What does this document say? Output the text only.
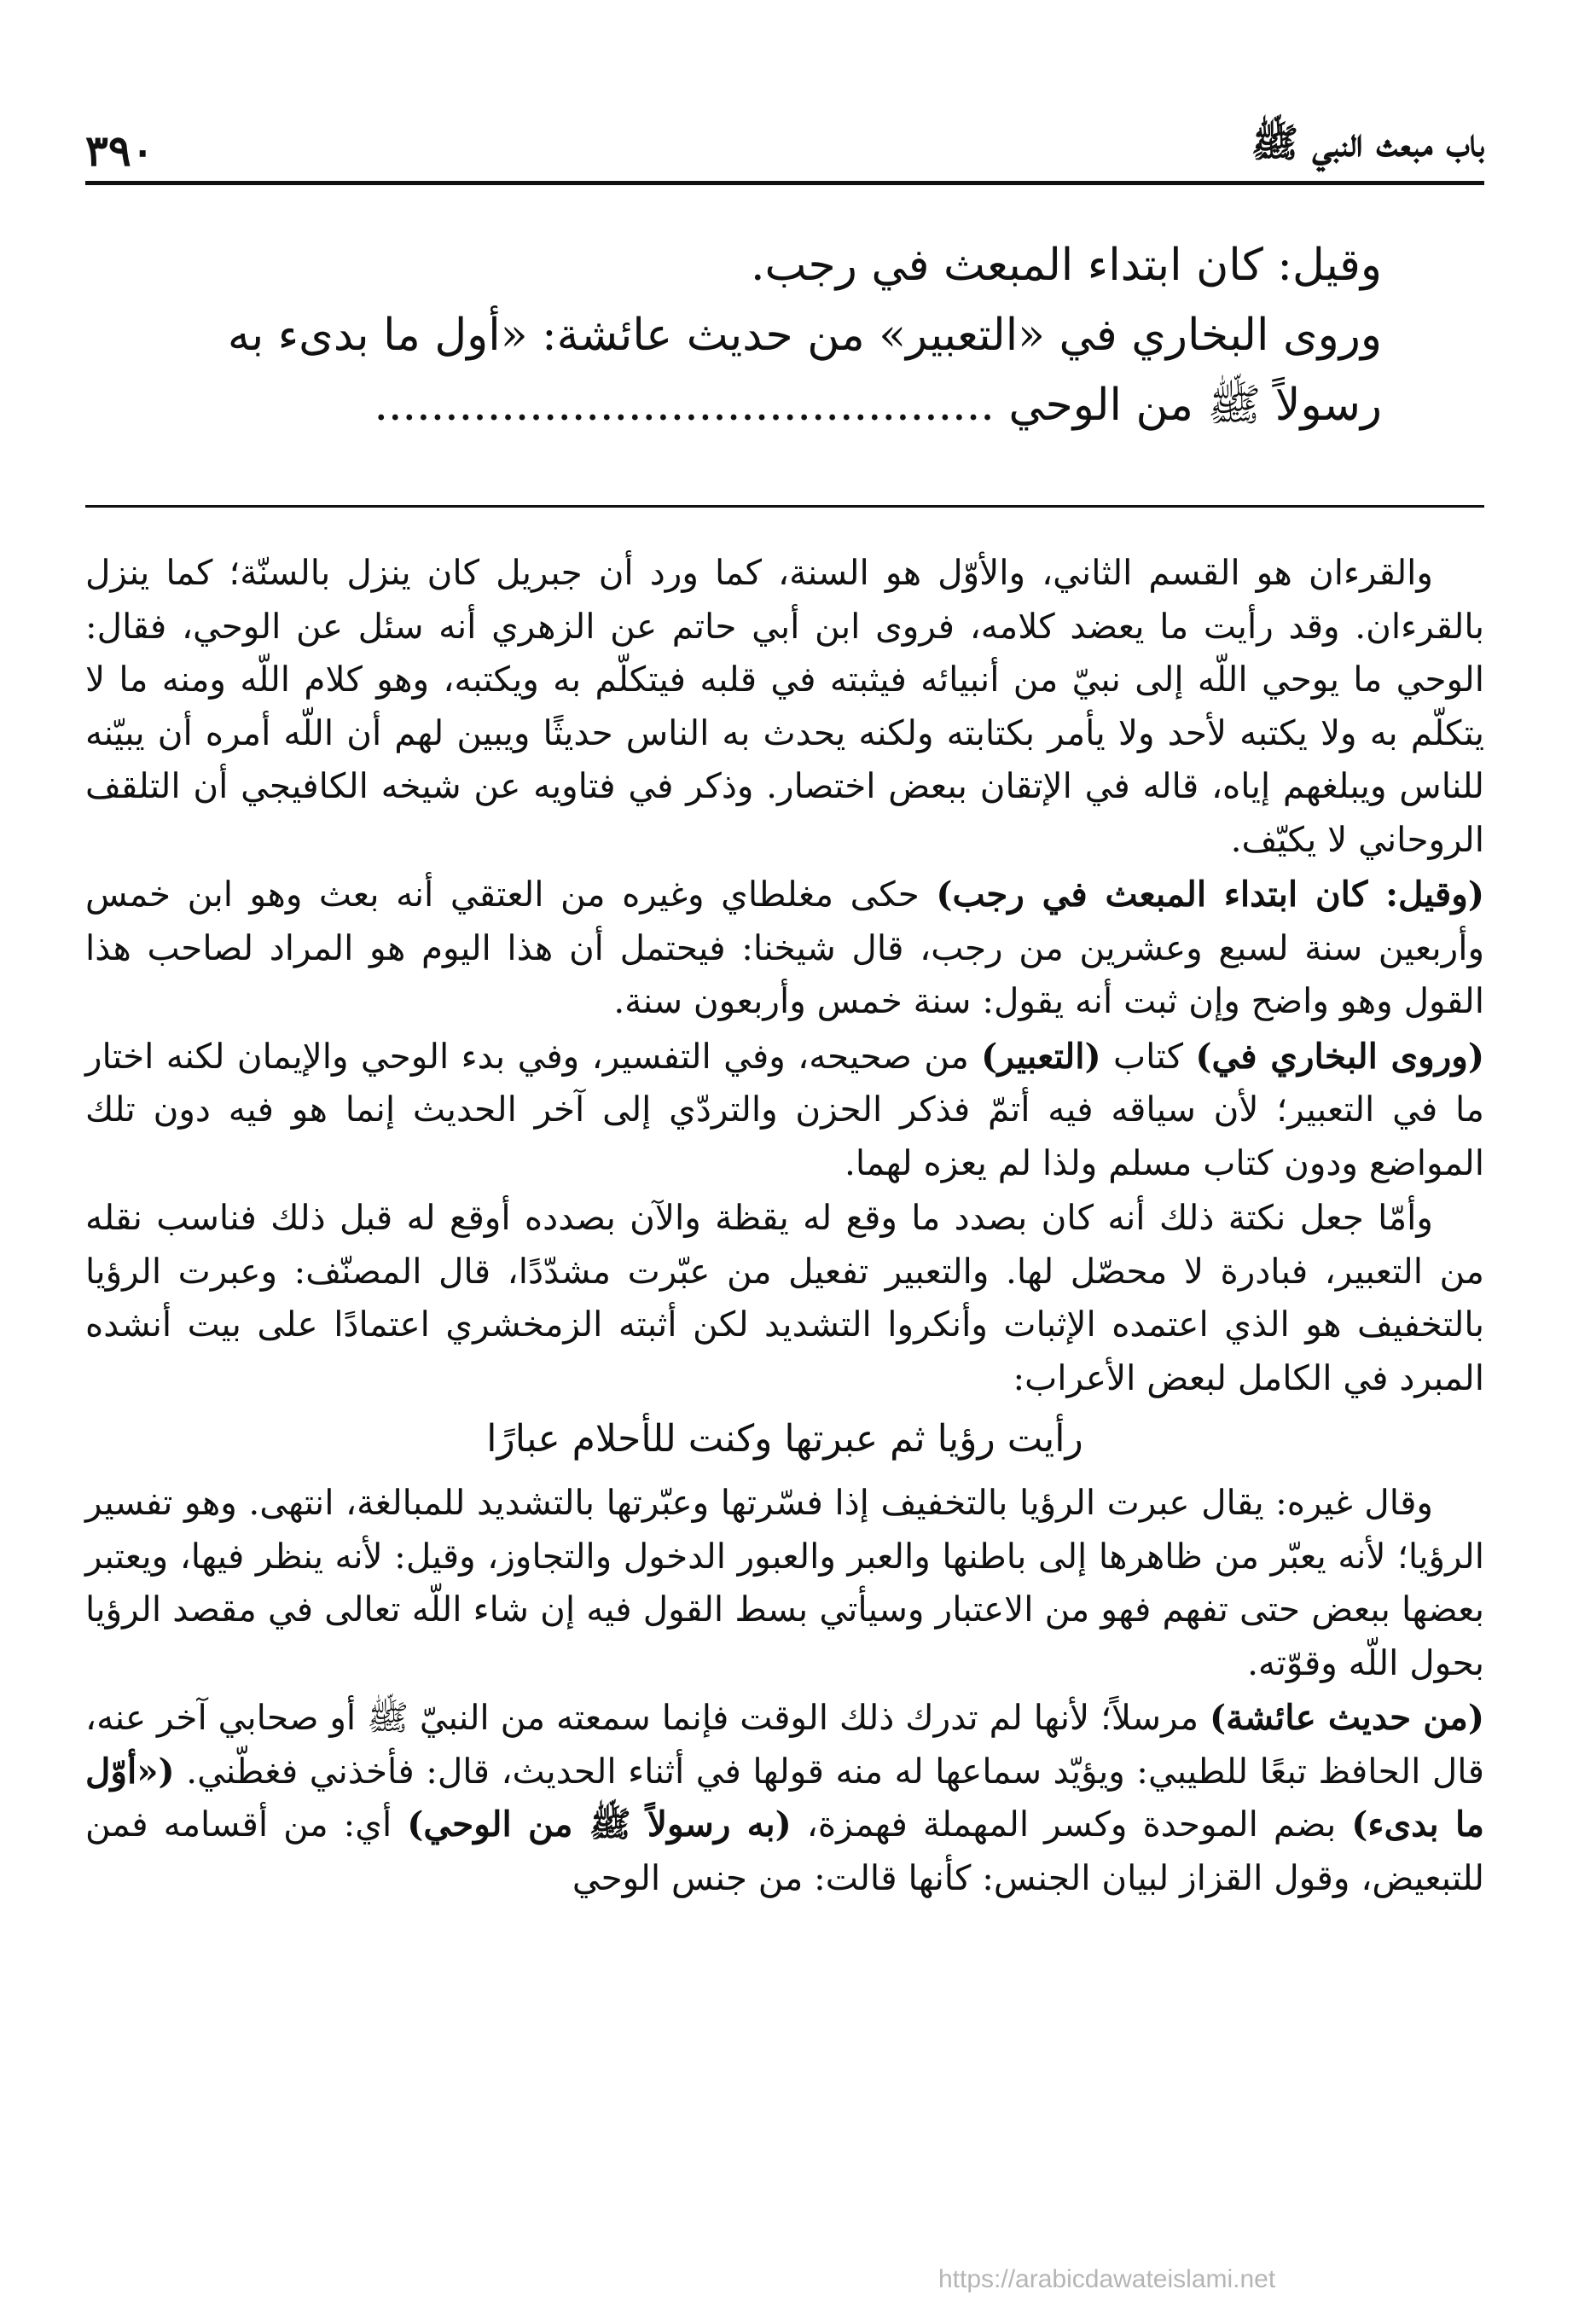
٣٩٠	باب مبعث النبي ﷺ

وقيل: كان ابتداء المبعث في رجب.

وروى البخاري في «التعبير» من حديث عائشة: «أول ما بدىء به

رسولاً ﷺ من الوحي ............................................

والقرءان هو القسم الثاني، والأوّل هو السنة، كما ورد أن جبريل كان ينزل بالسنّة؛ كما ينزل بالقرءان. وقد رأيت ما يعضد كلامه، فروى ابن أبي حاتم عن الزهري أنه سئل عن الوحي، فقال: الوحي ما يوحي اللّه إلى نبيّ من أنبيائه فيثبته في قلبه فيتكلّم به ويكتبه، وهو كلام اللّه ومنه ما لا يتكلّم به ولا يكتبه لأحد ولا يأمر بكتابته ولكنه يحدث به الناس حديثًا ويبين لهم أن اللّه أمره أن يبيّنه للناس ويبلغهم إياه، قاله في الإتقان ببعض اختصار. وذكر في فتاويه عن شيخه الكافيجي أن التلقف الروحاني لا يكيّف.

(وقيل: كان ابتداء المبعث في رجب) حكى مغلطاي وغيره من العتقي أنه بعث وهو ابن خمس وأربعين سنة لسبع وعشرين من رجب، قال شيخنا: فيحتمل أن هذا اليوم هو المراد لصاحب هذا القول وهو واضح وإن ثبت أنه يقول: سنة خمس وأربعون سنة.

(وروى البخاري في) كتاب (التعبير) من صحيحه، وفي التفسير، وفي بدء الوحي والإيمان لكنه اختار ما في التعبير؛ لأن سياقه فيه أتمّ فذكر الحزن والتردّي إلى آخر الحديث إنما هو فيه دون تلك المواضع ودون كتاب مسلم ولذا لم يعزه لهما.

وأمّا جعل نكتة ذلك أنه كان بصدد ما وقع له يقظة والآن بصدده أوقع له قبل ذلك فناسب نقله من التعبير، فبادرة لا محصّل لها. والتعبير تفعيل من عبّرت مشدّدًا، قال المصنّف: وعبرت الرؤيا بالتخفيف هو الذي اعتمده الإثبات وأنكروا التشديد لكن أثبته الزمخشري اعتمادًا على بيت أنشده المبرد في الكامل لبعض الأعراب:

رأيت رؤيا ثم عبرتها وكنت للأحلام عبارًا

وقال غيره: يقال عبرت الرؤيا بالتخفيف إذا فسّرتها وعبّرتها بالتشديد للمبالغة، انتهى. وهو تفسير الرؤيا؛ لأنه يعبّر من ظاهرها إلى باطنها والعبر والعبور الدخول والتجاوز، وقيل: لأنه ينظر فيها، ويعتبر بعضها ببعض حتى تفهم فهو من الاعتبار وسيأتي بسط القول فيه إن شاء اللّه تعالى في مقصد الرؤيا بحول اللّه وقوّته.

(من حديث عائشة) مرسلاً؛ لأنها لم تدرك ذلك الوقت فإنما سمعته من النبيّ ﷺ أو صحابي آخر عنه، قال الحافظ تبعًا للطيبي: ويؤيّد سماعها له منه قولها في أثناء الحديث، قال: فأخذني فغطّني. («أوّل ما بدىء) بضم الموحدة وكسر المهملة فهمزة، (به رسولاً ﷺ من الوحي) أي: من أقسامه فمن للتبعيض، وقول القزاز لبيان الجنس: كأنها قالت: من جنس الوحي

https://arabicdawateislami.net
